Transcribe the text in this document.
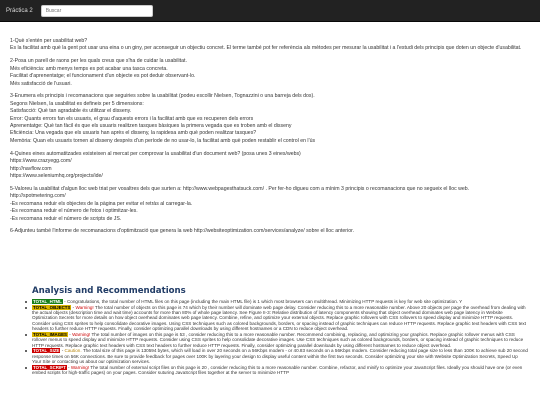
Práctica 2
Buscar

1-Què s'entén per usabilitat web?

Es la facilitat amb què la gent pot usar una eina o un giny, per aconseguir un objectiu concret. El terme també pot fer referència als mètodes per mesurar la usabilitat i a l'estudi dels principis que doten un objecte d'usabilitat.

2-Posa un parell de raons per les quals creus que s'ha de cuidar la usabilitat.

Més eficiència: amb menys temps es pot acabar una tasca concreta.

Facilitat d'aprenentatge; el funcionament d'un objecte es pot deduir observant-lo.

Més satisfacció de l'usuari.

3-Enumera els principis i recomanacions que seguiries sobre la usabilitat (podeu escollir Nielsen, Tognazzini o una barreja dels dos).

Segons Nielsen, la usabilitat es defineix per 5 dimensions:

Satisfacció: Què tan agradable és utilitzar el disseny.

Error: Quants errors fan els usuaris, el grau d'aquests errors i la facilitat amb que es recuperen dels errors

Aprenentatge: Què tan fàcil és que els usuaris realitzen tasques bàsiques la primera vegada que es troben amb el disseny

Eficiència: Una vegada que els usuaris han après el disseny, la rapidesa amb què poden realitzar tasques?

Memòria: Quan els usuaris tornen al disseny després d'un període de no usar-lo, la facilitat amb què poden restablir el control en l'ús

4-Quines eines automatitzades existeixen al mercat per comprovar la usabilitat d'un document web? (posa unes 3 eines/webs)

https://www.crazyegg.com/

http://navflow.com

https://www.seleniumhq.org/projects/ide/

5-Valoreu la usabilitat d'algun lloc web triat per vosaltres dels que surten a: http://www.webpagesthatsuck.com/ . Per fer-ho digueu com a mínim 3 principis o recomanacions que no segueix el lloc web.

http://spotmetering.com/

-Es recomana reduir els objectes de la pàgina per evitar el retràs al carregar-la.

-Es recomana reduir el número de fotos i optimitzar-les.

-Es recomana reduir el número de scripts de JS.

6-Adjunteu també l'informe de recomanacions d'optimització que genera la web http://websiteoptimization.com/services/analyze/ sobre el lloc anterior.

Analysis and Recommendations
TOTAL_HTML - Congratulations, the total number of HTML files on this page (including the main HTML file) is 1 which most browsers can multithread. Minimizing HTTP requests is key for web site optimization. Y
TOTAL_OBJECTS - Warning! The total number of objects on this page is 74 which by their number will dominate web page delay. Consider reducing this to a more reasonable number. Above 20 objects per page the overhead from dealing with the actual objects (description time and wait time) accounts for more than 80% of whole page latency. See Figure II-3: Relative distribution of latency components showing that object overhead dominates web page latency in Website Optimization Secrets for more details on how object overhead dominates web page latency. Combine, refine, and optimize your external objects. Replace graphic rollovers with CSS rollovers to speed display and minimize HTTP requests. Consider using CSS sprites to help consolidate decorative images. Using CSS techniques such as colored backgrounds, borders, or spacing instead of graphic techniques can reduce HTTP requests. Replace graphic text headers with CSS text headers to further reduce HTTP requests. Finally, consider optimizing parallel downloads by using different hostnames or a CDN to reduce object overhead.
TOTAL_IMAGES - Warning! The total number of images on this page is 53 , consider reducing this to a more reasonable number. Recommend combining, replacing, and optimizing your graphics. Replace graphic rollover menus with CSS rollover menus to speed display and minimize HTTP requests. Consider using CSS sprites to help consolidate decorative images. Use CSS techniques such as colored backgrounds, borders, or spacing instead of graphic techniques to reduce HTTP requests. Replace graphic text headers with CSS text headers to further reduce HTTP requests. Finally, consider optimizing parallel downloads by using different hostnames to reduce object overhead.
TOTAL_SIZE - Caution. The total size of this page is 130594 bytes, which will load in over 20 seconds on a 56Kbps modem - or 40.83 seconds on a 56Kbps modem. Consider reducing total page size to less than 100K to achieve sub 20 second response times on 56K connections. Be sure to provide feedback for pages over 100K by layering your design to display useful content within the first two seconds. Consider optimizing your site with Website Optimization Secrets, Speed Up Your Site or contacting us about our optimization services.
TOTAL_SCRIPT - Warning! The total number of external script files on this page is 20 , consider reducing this to a more reasonable number. Combine, refactor, and minify to optimize your JavaScript files. Ideally you should have one (or even embed scripts for high-traffic pages) on your pages. Consider suturing JavaScript files together at the server to minimize HTTP
